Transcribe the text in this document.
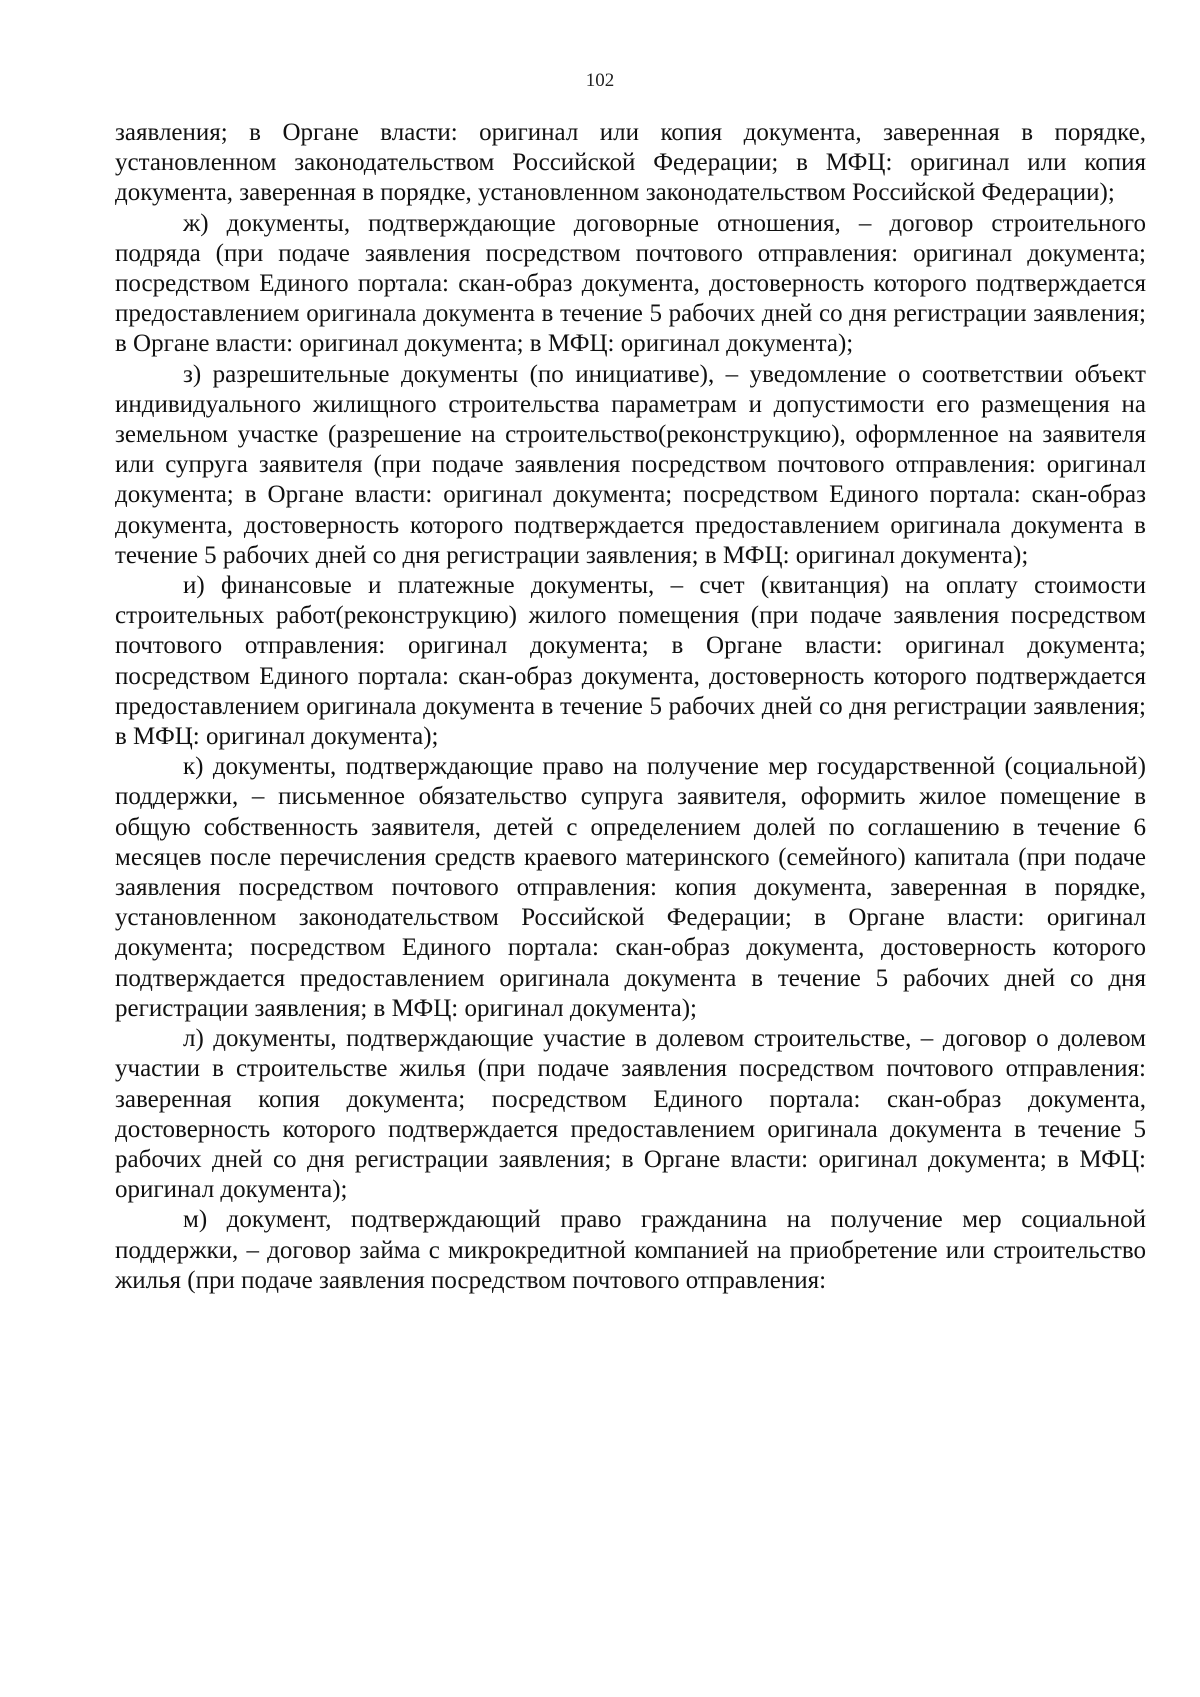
102

заявления; в Органе власти: оригинал или копия документа, заверенная в порядке, установленном законодательством Российской Федерации; в МФЦ: оригинал или копия документа, заверенная в порядке, установленном законодательством Российской Федерации);

ж) документы, подтверждающие договорные отношения, – договор строительного подряда (при подаче заявления посредством почтового отправления: оригинал документа; посредством Единого портала: скан-образ документа, достоверность которого подтверждается предоставлением оригинала документа в течение 5 рабочих дней со дня регистрации заявления; в Органе власти: оригинал документа; в МФЦ: оригинал документа);

з) разрешительные документы (по инициативе), – уведомление о соответствии объект индивидуального жилищного строительства параметрам и допустимости его размещения на земельном участке (разрешение на строительство(реконструкцию), оформленное на заявителя или супруга заявителя (при подаче заявления посредством почтового отправления: оригинал документа; в Органе власти: оригинал документа; посредством Единого портала: скан-образ документа, достоверность которого подтверждается предоставлением оригинала документа в течение 5 рабочих дней со дня регистрации заявления; в МФЦ: оригинал документа);

и) финансовые и платежные документы, – счет (квитанция) на оплату стоимости строительных работ(реконструкцию) жилого помещения (при подаче заявления посредством почтового отправления: оригинал документа; в Органе власти: оригинал документа; посредством Единого портала: скан-образ документа, достоверность которого подтверждается предоставлением оригинала документа в течение 5 рабочих дней со дня регистрации заявления; в МФЦ: оригинал документа);

к) документы, подтверждающие право на получение мер государственной (социальной) поддержки, – письменное обязательство супруга заявителя, оформить жилое помещение в общую собственность заявителя, детей с определением долей по соглашению в течение 6 месяцев после перечисления средств краевого материнского (семейного) капитала (при подаче заявления посредством почтового отправления: копия документа, заверенная в порядке, установленном законодательством Российской Федерации; в Органе власти: оригинал документа; посредством Единого портала: скан-образ документа, достоверность которого подтверждается предоставлением оригинала документа в течение 5 рабочих дней со дня регистрации заявления; в МФЦ: оригинал документа);

л) документы, подтверждающие участие в долевом строительстве, – договор о долевом участии в строительстве жилья (при подаче заявления посредством почтового отправления: заверенная копия документа; посредством Единого портала: скан-образ документа, достоверность которого подтверждается предоставлением оригинала документа в течение 5 рабочих дней со дня регистрации заявления; в Органе власти: оригинал документа; в МФЦ: оригинал документа);

м) документ, подтверждающий право гражданина на получение мер социальной поддержки, – договор займа с микрокредитной компанией на приобретение или строительство жилья (при подаче заявления посредством почтового отправления:
